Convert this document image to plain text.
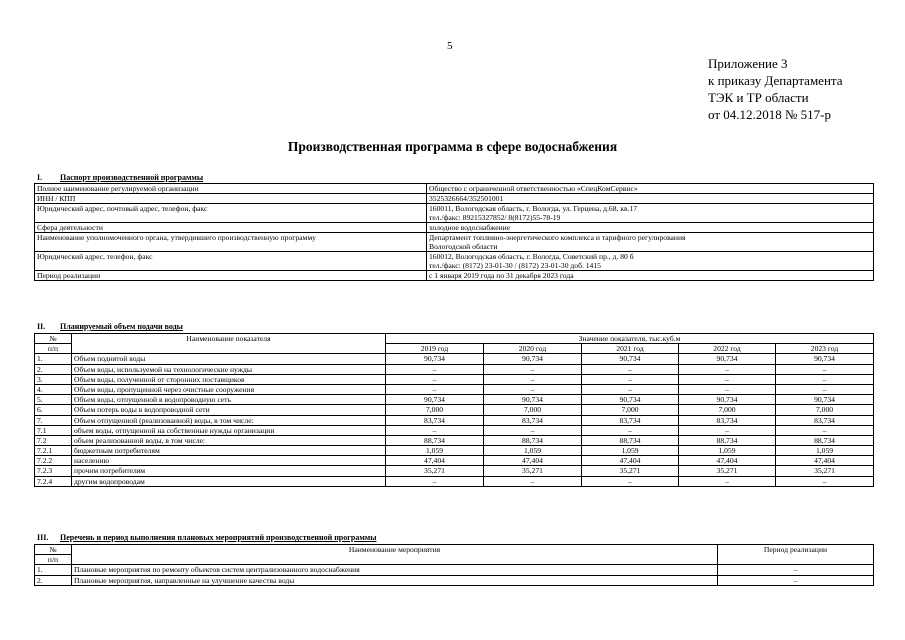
5
Приложение 3
к приказу Департамента
ТЭК и ТР области
от 04.12.2018 № 517-р
Производственная программа в сфере водоснабжения
I. Паспорт производственной программы
Полное наименование регулируемой организации	Общество с ограниченной ответственностью «СпецКомСервис»

ИНН / КПП	3525326664/352501001

Юридический адрес, почтовый адрес, телефон, факс	160011, Вологодская область, г. Вологда, ул. Герцена, д.68, кв.17
тел./факс: 89215327852/ 8(8172)55-78-19

Сфера деятельности	холодное водоснабжение

Наименование уполномоченного органа, утвердившего производственную программу	Департамент топливно-энергетического комплекса и тарифного регулирования
Вологодской области

Юридический адрес, телефон, факс	160012, Вологодская область, г. Вологда, Советский пр., д. 80 б
тел./факс: (8172) 23-01-30 / (8172) 23-01-30 доб. 1415

Период реализации	с 1 января 2019 года по 31 декабря 2023 года
II. Планируемый объем подачи воды
№	Наименование показателя	Значение показателя, тыс.куб.м				
п/п		2019 год	2020 год	2021 год	2022 год	2023 год
1.	Объем поднятой воды	90,734	90,734	90,734	90,734	90,734
2.	Объем воды, используемой на технологические нужды	–	–	–	–	–
3.	Объем воды, полученной от сторонних поставщиков	–	–	–	–	–
4.	Объем воды, пропущенной через очистные сооружения	–	–	–	–	–
5.	Объем воды, отпущенной в водопроводную сеть	90,734	90,734	90,734	90,734	90,734
6.	Объем потерь воды в водопроводной сети	7,000	7,000	7,000	7,000	7,000
7.	Объем отпущенной (реализованной) воды, в том числе:	83,734	83,734	83,734	83,734	83,734
7.1	объем воды, отпущенной на собственные нужды организации	–	–	–	–	–
7.2	объем реализованной воды, в том числе:	88,734	88,734	88,734	88,734	88,734
7.2.1	бюджетным потребителям	1,059	1,059	1,059	1,059	1,059
7.2.2	населению	47,404	47,404	47,404	47,404	47,404
7.2.3	прочим потребителям	35,271	35,271	35,271	35,271	35,271
7.2.4	другим водопроводам	–	–	–	–	–
III. Перечень и период выполнения плановых мероприятий производственной программы
№	Наименование мероприятия	Период реализации
п/п		
1.	Плановые мероприятия по ремонту объектов систем централизованного водоснабжения	–
2.	Плановые мероприятия, направленные на улучшение качества воды	–
